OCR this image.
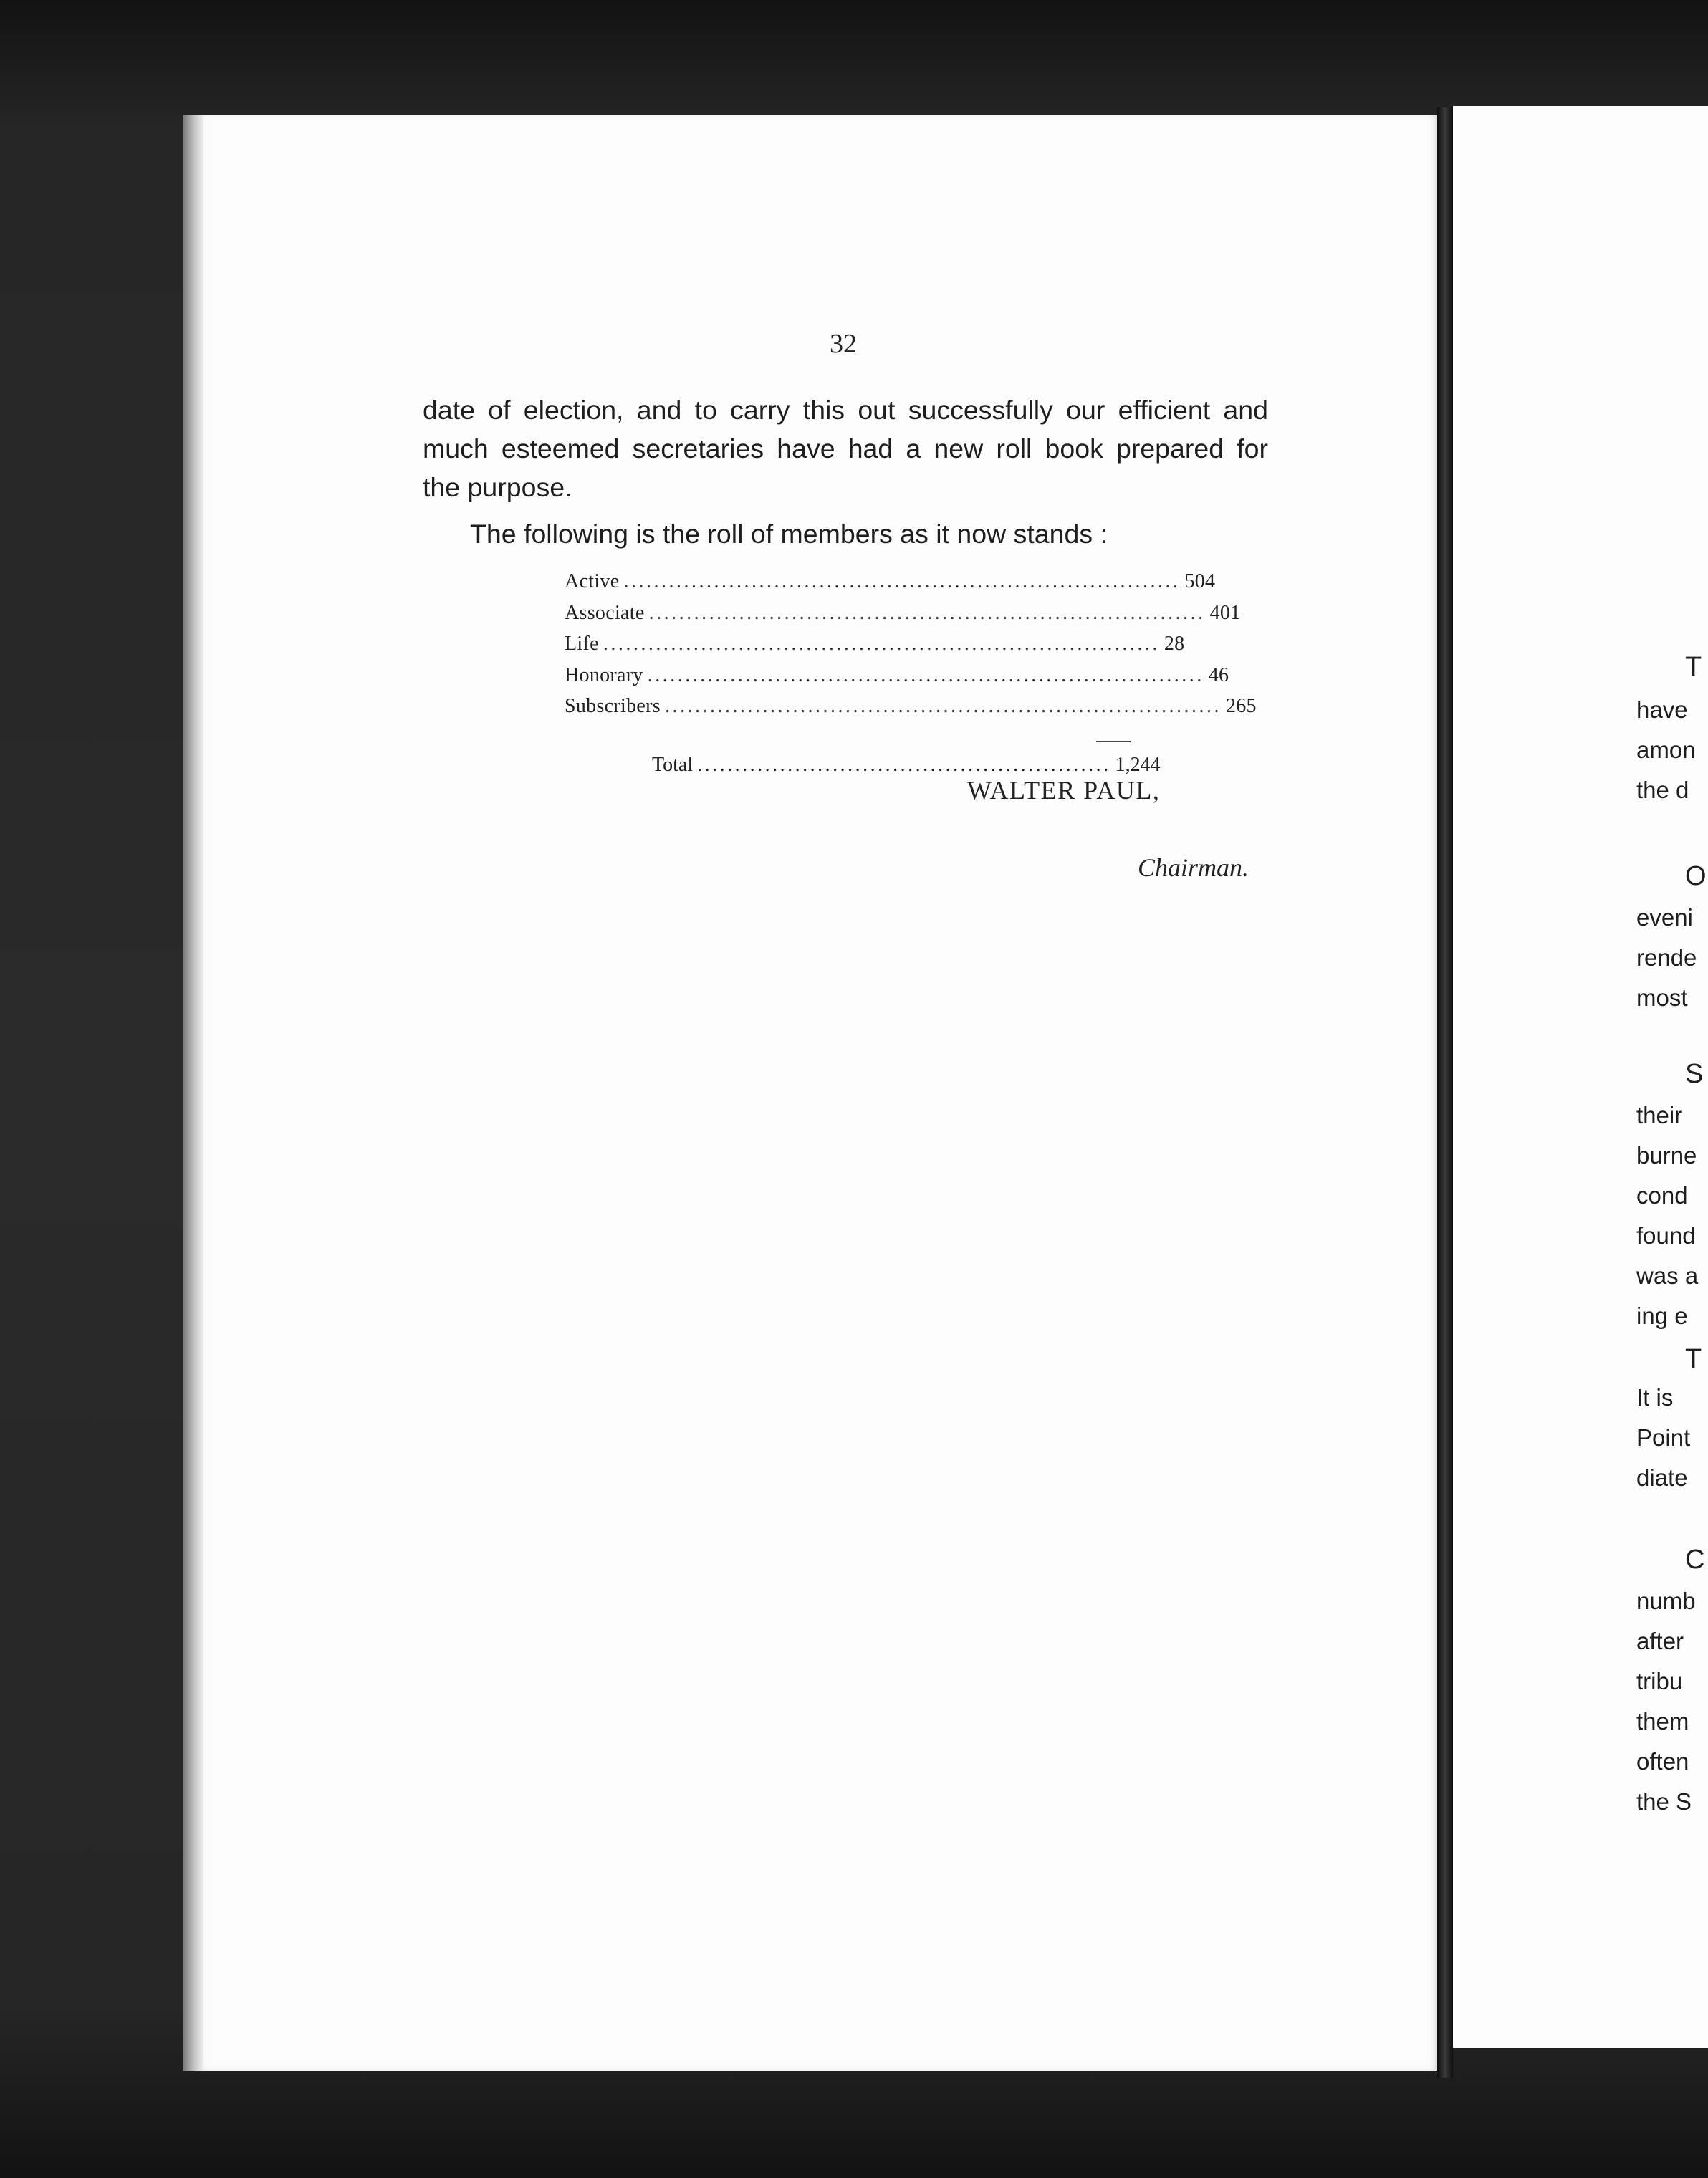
32
date of election, and to carry this out successfully our efficient and
much esteemed secretaries have had a new roll book prepared for
the purpose.
The following is the roll of members as it now stands :
Active .......................................................................... 504
Associate .......................................................................... 401
Life .......................................................................... 28
Honorary .......................................................................... 46
Subscribers .......................................................................... 265
Total ....................................................... 1,244
WALTER PAUL,
Chairman.
T
have
amon
the d
O
eveni
rende
most
S
their
burne
cond
found
was a
ing e
T
It is
Point
diate
C
numb
after
tribu
them
often
the S
